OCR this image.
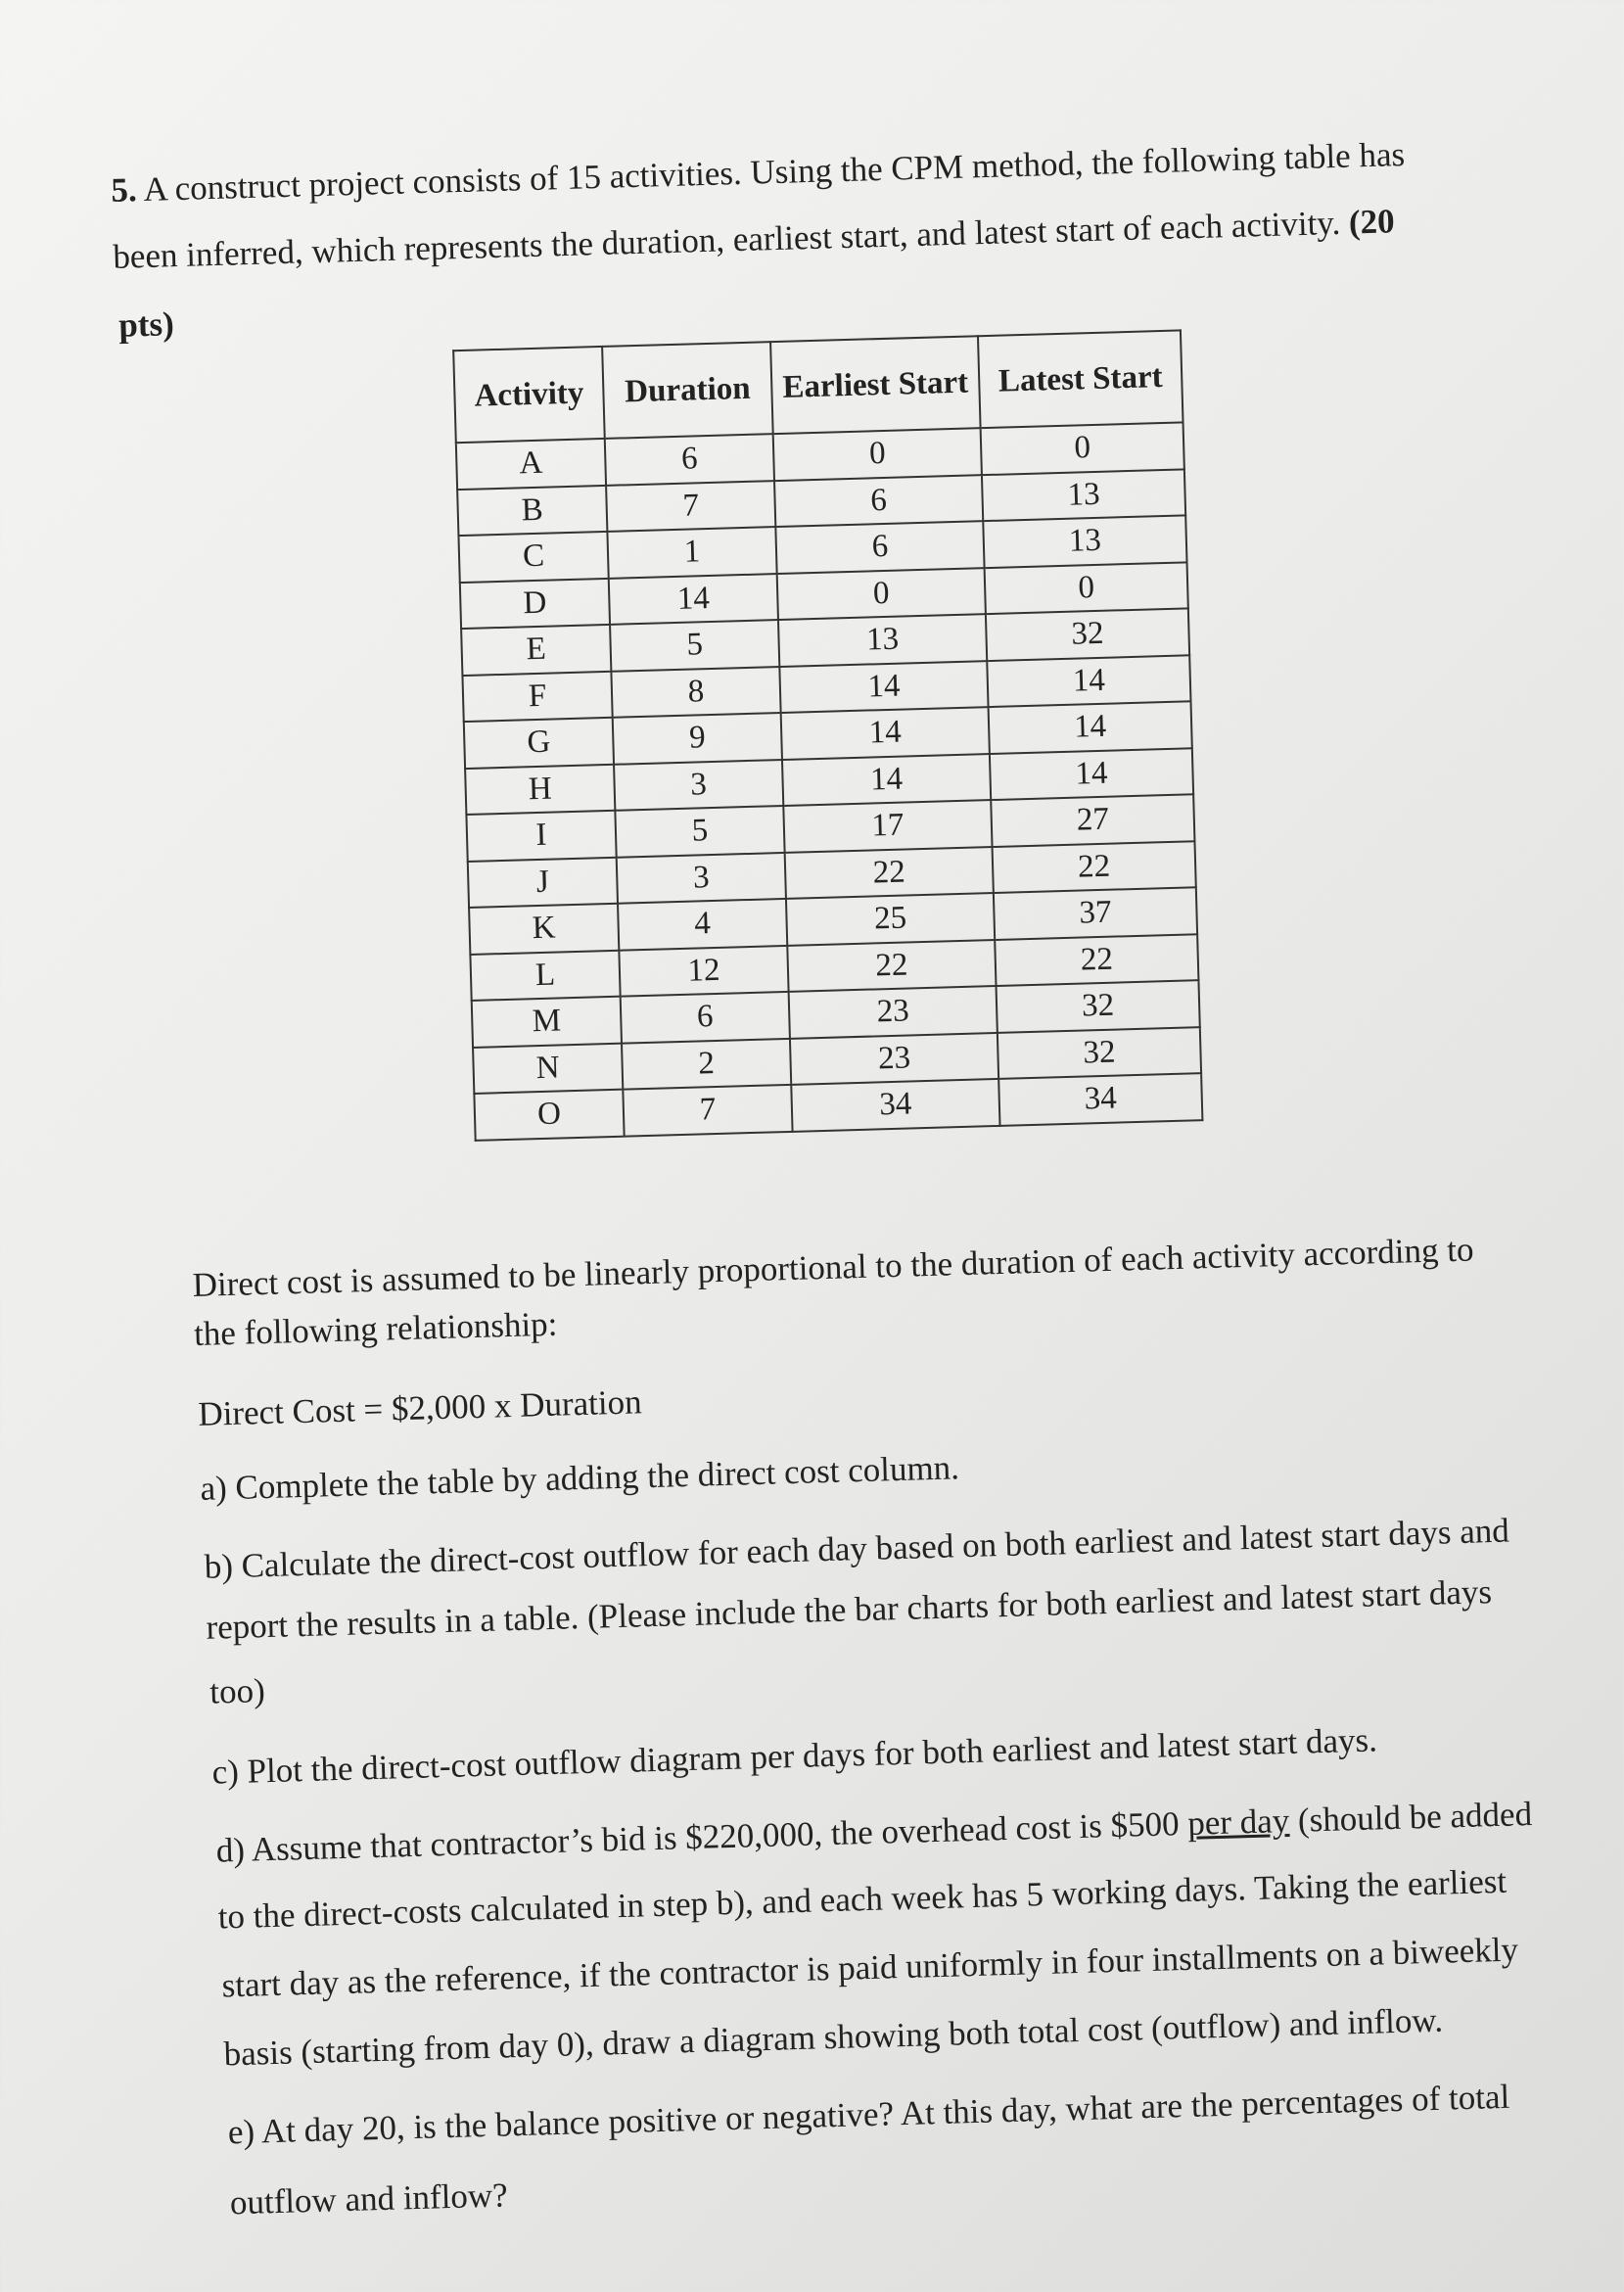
5. A construct project consists of 15 activities. Using the CPM method, the following table has
been inferred, which represents the duration, earliest start, and latest start of each activity. (20
pts)
Activity	Duration	Earliest Start	Latest Start
A	6	0	0
B	7	6	13
C	1	6	13
D	14	0	0
E	5	13	32
F	8	14	14
G	9	14	14
H	3	14	14
I	5	17	27
J	3	22	22
K	4	25	37
L	12	22	22
M	6	23	32
N	2	23	32
O	7	34	34
Direct cost is assumed to be linearly proportional to the duration of each activity according to
the following relationship:
Direct Cost = $2,000 x Duration
a) Complete the table by adding the direct cost column.
b) Calculate the direct-cost outflow for each day based on both earliest and latest start days and
report the results in a table. (Please include the bar charts for both earliest and latest start days
too)
c) Plot the direct-cost outflow diagram per days for both earliest and latest start days.
d) Assume that contractor’s bid is $220,000, the overhead cost is $500 per day (should be added
to the direct-costs calculated in step b), and each week has 5 working days. Taking the earliest
start day as the reference, if the contractor is paid uniformly in four installments on a biweekly
basis (starting from day 0), draw a diagram showing both total cost (outflow) and inflow.
e) At day 20, is the balance positive or negative? At this day, what are the percentages of total
outflow and inflow?
